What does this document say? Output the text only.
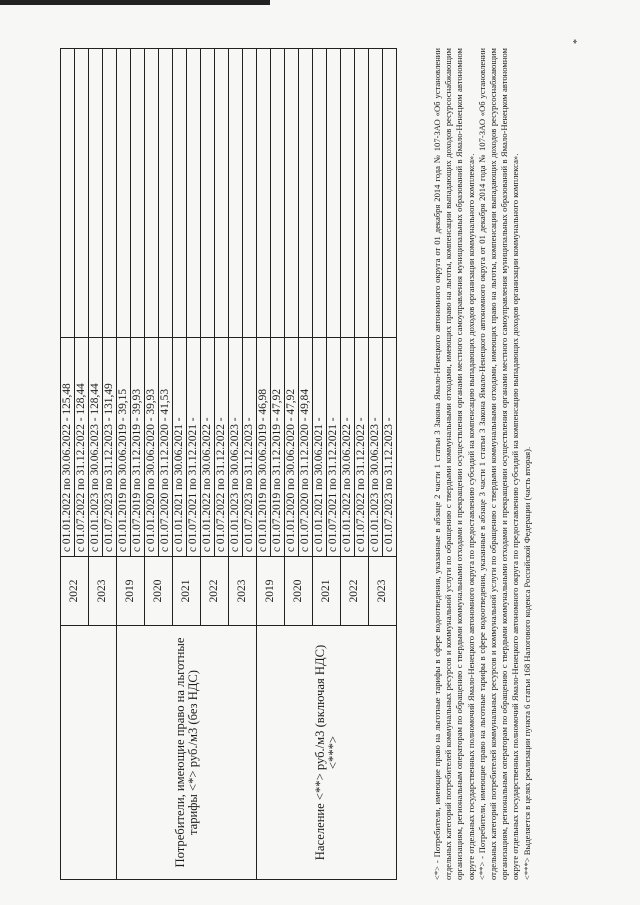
	2022	с 01.01.2022 по 30.06.2022 - 125,48	
		с 01.07.2022 по 31.12.2022 - 128,44	
	2023	с 01.01.2023 по 30.06.2023 - 128,44	
		с 01.07.2023 по 31.12.2023 - 131,49	
Потребители, имеющие право на льготные тарифы <*> руб./м3 (без НДС)	2019	с 01.01.2019 по 30.06.2019 - 39,15	
		с 01.07.2019 по 31.12.2019 - 39,93	
	2020	с 01.01.2020 по 30.06.2020 - 39,93	
		с 01.07.2020 по 31.12.2020 - 41,53	
	2021	с 01.01.2021 по 30.06.2021 -	
		с 01.07.2021 по 31.12.2021 -	
	2022	с 01.01.2022 по 30.06.2022 -	
		с 01.07.2022 по 31.12.2022 -	
	2023	с 01.01.2023 по 30.06.2023 -	
		с 01.07.2023 по 31.12.2023 -	
Население <**> руб./м3 (включая НДС) <***>	2019	с 01.01.2019 по 30.06.2019 - 46,98	
		с 01.07.2019 по 31.12.2019 - 47,92	
	2020	с 01.01.2020 по 30.06.2020 - 47,92	
		с 01.07.2020 по 31.12.2020 - 49,84	
	2021	с 01.01.2021 по 30.06.2021 -	
		с 01.07.2021 по 31.12.2021 -	
	2022	с 01.01.2022 по 30.06.2022 -	
		с 01.07.2022 по 31.12.2022 -	
	2023	с 01.01.2023 по 30.06.2023 -	
		с 01.07.2023 по 31.12.2023 -		<*> - Потребители, имеющие право на льготные тарифы в сфере водоотведения, указанные в абзаце 2 части 1 статьи 3 Закона Ямало-Ненецкого автономного округа от 01 декабря 2014 года № 107-ЗАО «Об установлении отдельных категорий потребителей коммунальных ресурсов и коммунальной услуги по обращению с твердыми коммунальными отходами, имеющих право на льготы, компенсации выпадающих доходов ресурсоснабжающим организациям, региональным операторам по обращению с твердыми коммунальными отходами и прекращении осуществления органами местного самоуправления муниципальных образований в Ямало-Ненецком автономном округе отдельных государственных полномочий Ямало-Ненецкого автономного округа по предоставлению субсидий на компенсацию выпадающих доходов организации коммунального комплекса». <**> - Потребители, имеющие право на льготные тарифы в сфере водоотведения, указанные в абзаце 3 части 1 статьи 3 Закона Ямало-Ненецкого автономного округа от 01 декабря 2014 года № 107-ЗАО «Об установлении отдельных категорий потребителей коммунальных ресурсов и коммунальной услуги по обращению с твердыми коммунальными отходами, имеющих право на льготы, компенсации выпадающих доходов ресурсоснабжающим организациям, региональным операторам по обращению с твердыми коммунальными отходами и прекращении осуществления органами местного самоуправления муниципальных образований в Ямало-Ненецком автономном округе отдельных государственных полномочий Ямало-Ненецкого автономного округа по предоставлению субсидий на компенсацию выпадающих доходов организации коммунального комплекса». <***> Выделяется в целях реализации пункта 6 статьи 168 Налогового кодекса Российской Федерации (часть вторая).

*
